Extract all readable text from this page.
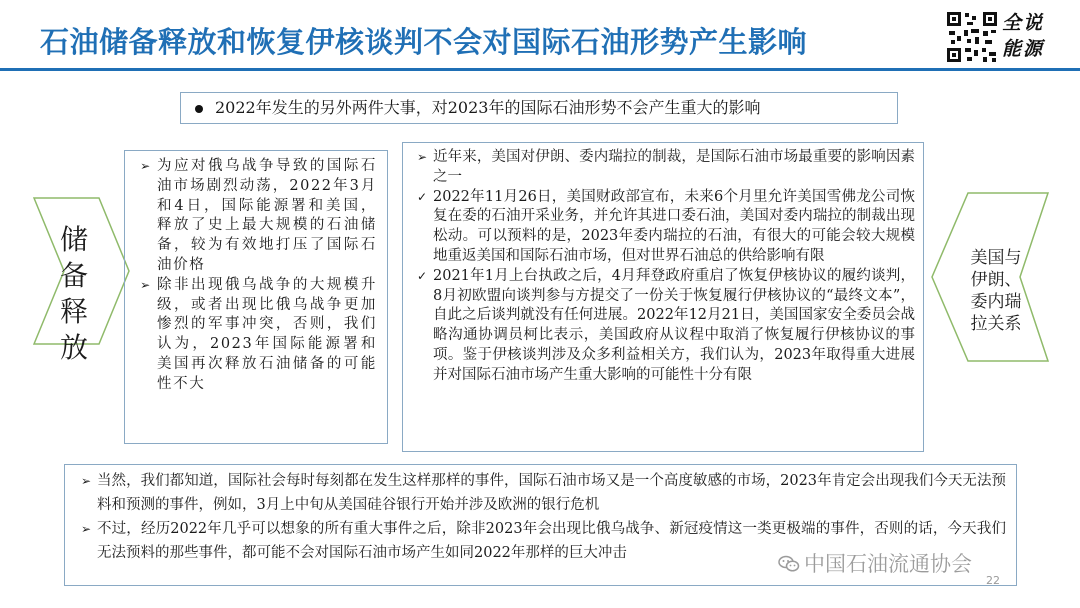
石油储备释放和恢复伊核谈判不会对国际石油形势产生影响
全说
能源
2022年发生的另外两件大事，对2023年的国际石油形势不会产生重大的影响
储
备
释
放
美国与
伊朗、
委内瑞
拉关系
➢ 为应对俄乌战争导致的国际石油市场剧烈动荡，2022年3月和4日，国际能源署和美国，释放了史上最大规模的石油储备，较为有效地打压了国际石油价格
➢ 除非出现俄乌战争的大规模升级，或者出现比俄乌战争更加惨烈的军事冲突，否则，我们认为，2023年国际能源署和美国再次释放石油储备的可能性不大
➢ 近年来，美国对伊朗、委内瑞拉的制裁，是国际石油市场最重要的影响因素之一
✓ 2022年11月26日，美国财政部宣布，未来6个月里允许美国雪佛龙公司恢复在委的石油开采业务，并允许其进口委石油，美国对委内瑞拉的制裁出现松动。可以预料的是，2023年委内瑞拉的石油，有很大的可能会较大规模地重返美国和国际石油市场，但对世界石油总的供给影响有限
✓ 2021年1月上台执政之后，4月拜登政府重启了恢复伊核协议的履约谈判，8月初欧盟向谈判参与方提交了一份关于恢复履行伊核协议的“最终文本”，自此之后谈判就没有任何进展。2022年12月21日，美国国家安全委员会战略沟通协调员柯比表示，美国政府从议程中取消了恢复履行伊核协议的事项。鉴于伊核谈判涉及众多利益相关方，我们认为，2023年取得重大进展并对国际石油市场产生重大影响的可能性十分有限
➢ 当然，我们都知道，国际社会每时每刻都在发生这样那样的事件，国际石油市场又是一个高度敏感的市场，2023年肯定会出现我们今天无法预料和预测的事件，例如，3月上中旬从美国硅谷银行开始并涉及欧洲的银行危机
➢ 不过，经历2022年几乎可以想象的所有重大事件之后，除非2023年会出现比俄乌战争、新冠疫情这一类更极端的事件，否则的话，今天我们无法预料的那些事件，都可能不会对国际石油市场产生如同2022年那样的巨大冲击	中国石油流通协会
22
